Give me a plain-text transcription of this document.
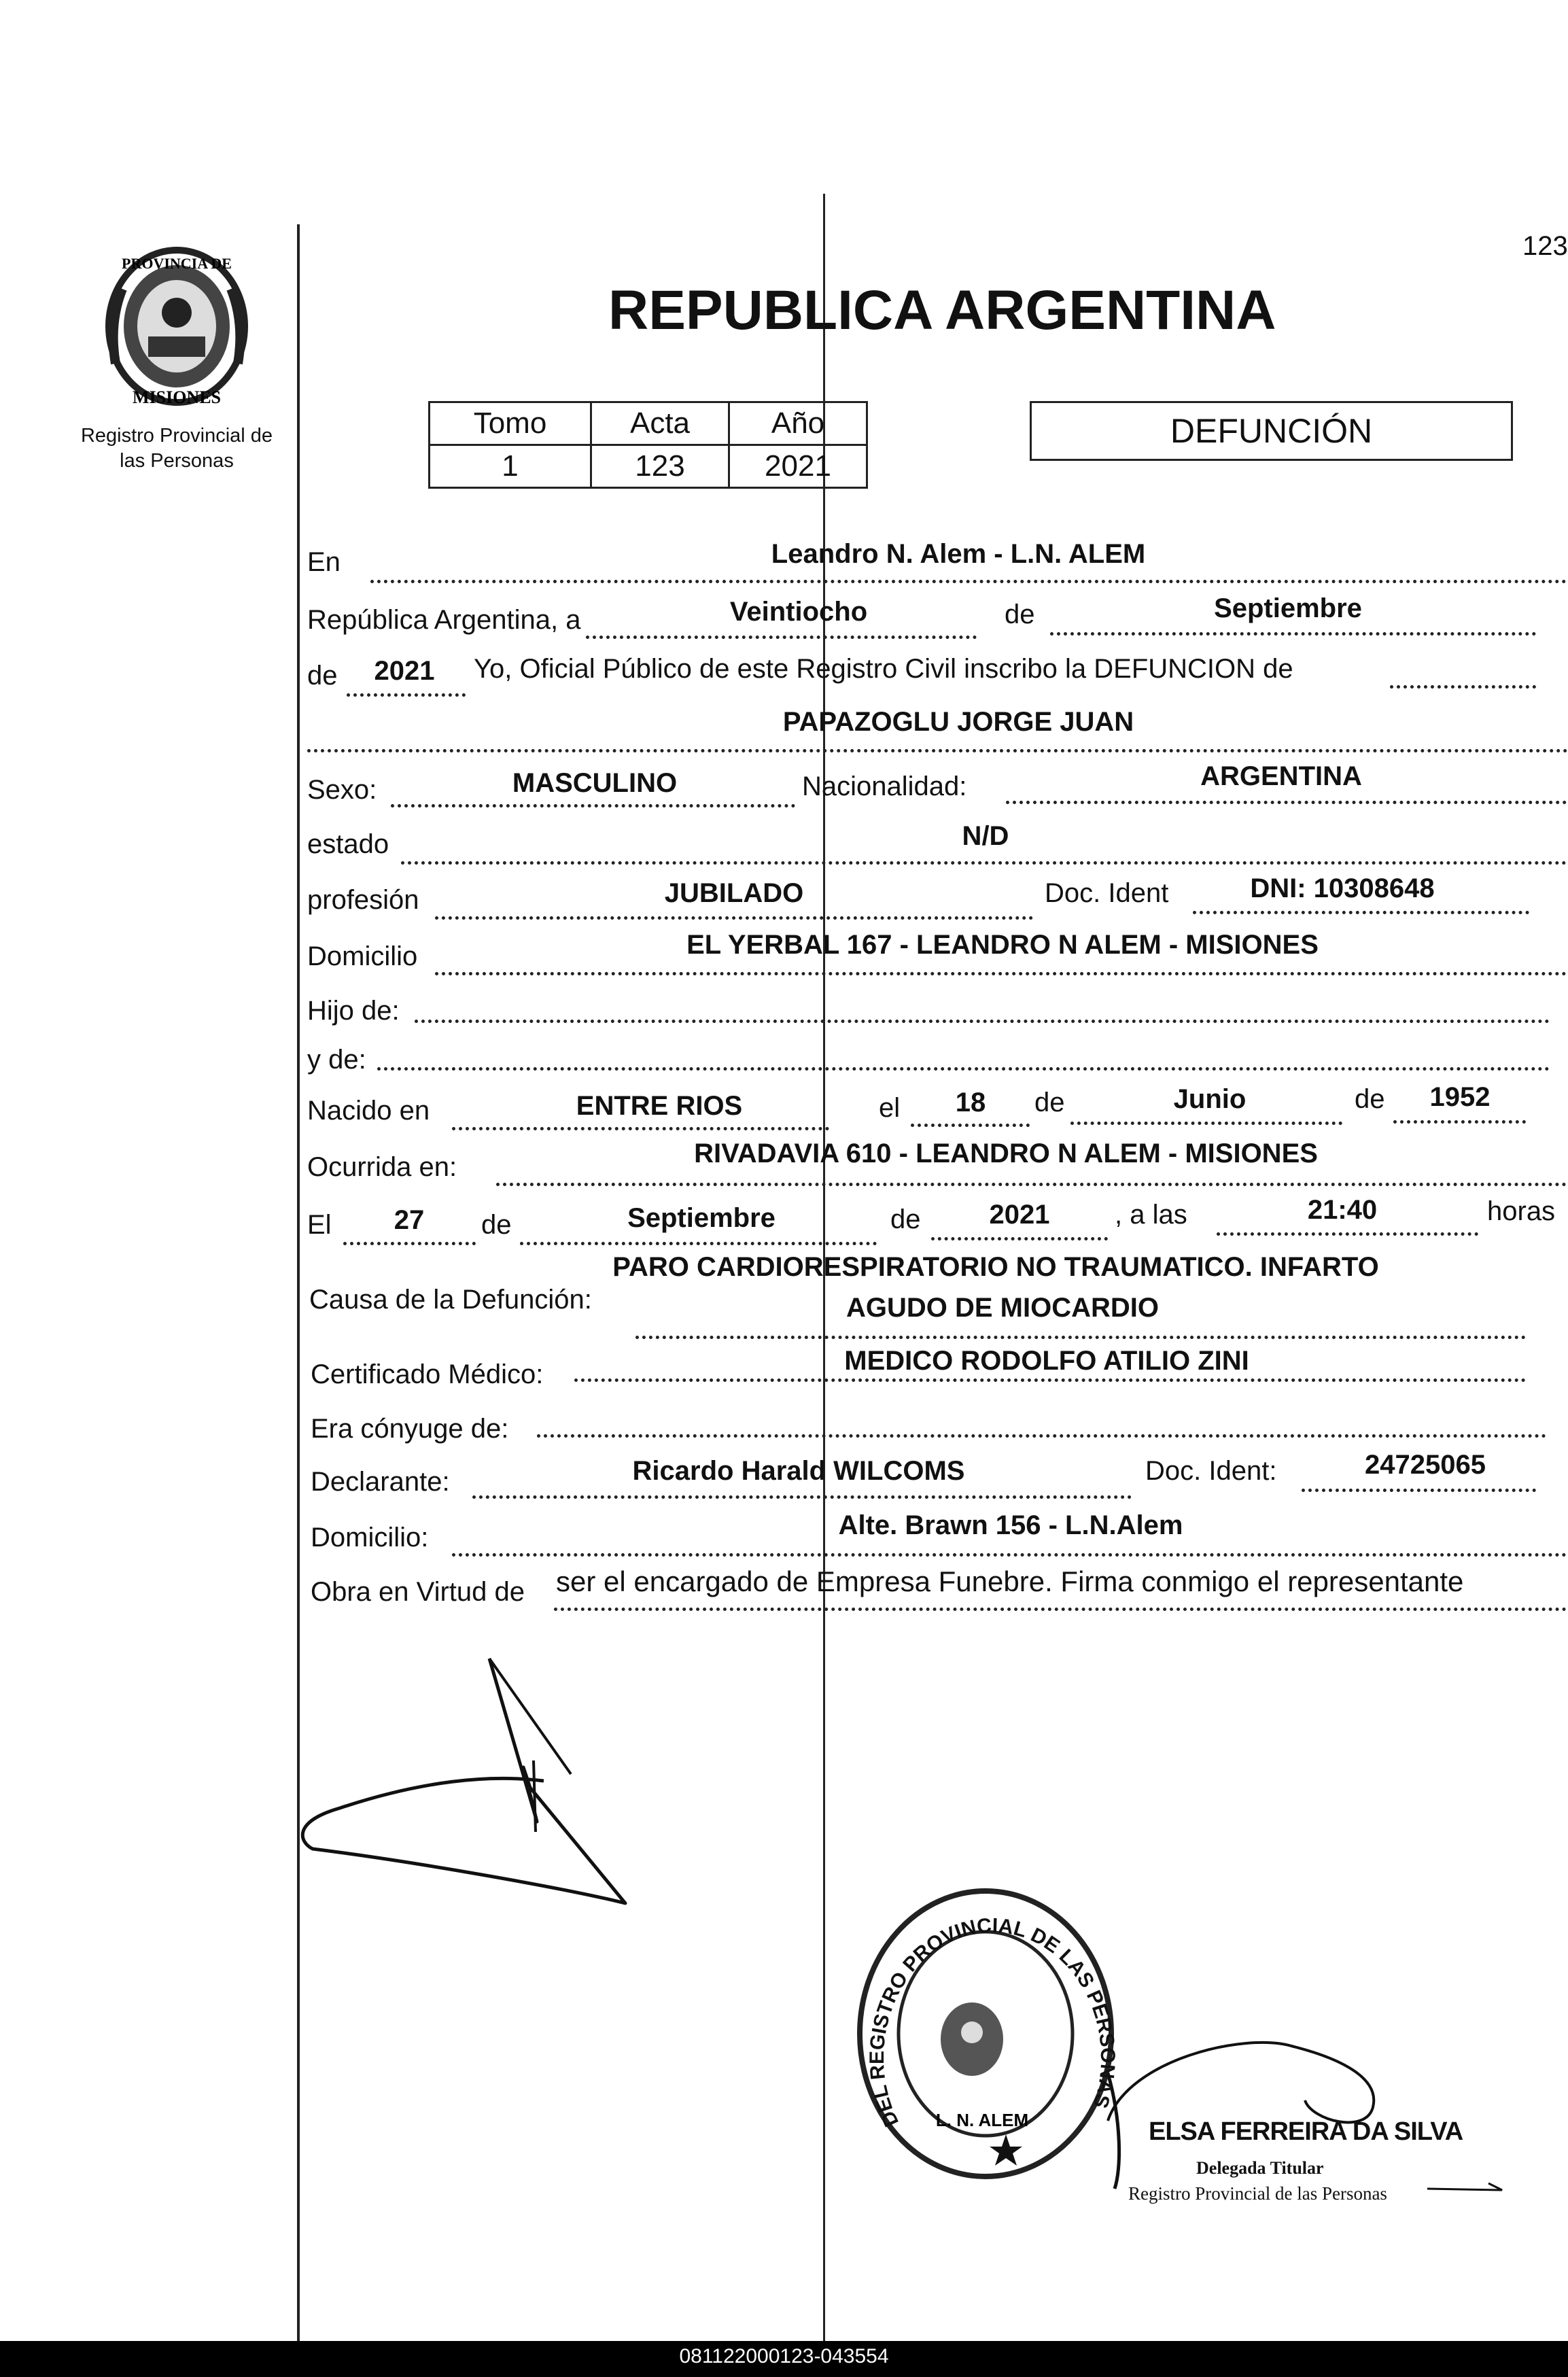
123
PROVINCIA DE
MISIONES
Registro Provincial de
las Personas
REPUBLICA ARGENTINA
Tomo	Acta	Año
1	123	2021
DEFUNCIÓN
En	Leandro N. Alem - L.N. ALEM
República Argentina, a	Veintiocho	de	Septiembre
de 2021 Yo, Oficial Público de este Registro Civil inscribo la DEFUNCION de
PAPAZOGLU JORGE JUAN
Sexo:	MASCULINO	Nacionalidad:	ARGENTINA
estado	N/D
profesión	JUBILADO	Doc. Ident	DNI: 10308648
Domicilio	EL YERBAL 167 - LEANDRO N ALEM - MISIONES
Hijo de:
y de:
Nacido en	ENTRE RIOS	el 18 de	Junio	de 1952
Ocurrida en:	RIVADAVIA 610 - LEANDRO N ALEM - MISIONES
El 27 de	Septiembre	de	2021 , a las	21:40	horas
PARO CARDIORESPIRATORIO NO TRAUMATICO. INFARTO
Causa de la Defunción:	AGUDO DE MIOCARDIO
Certificado Médico:	MEDICO RODOLFO ATILIO ZINI
Era cónyuge de:
Declarante:	Ricardo Harald WILCOMS	Doc. Ident:	24725065
Domicilio:	Alte. Brawn 156 - L.N.Alem
Obra en Virtud de ser el encargado de Empresa Funebre. Firma conmigo el representante
DEL REGISTRO PROVINCIAL DE LAS PERSONAS
L. N. ALEM	ELSA FERREIRA DA SILVA
Delegada Titular
Registro Provincial de las Personas
081122000123-043554
